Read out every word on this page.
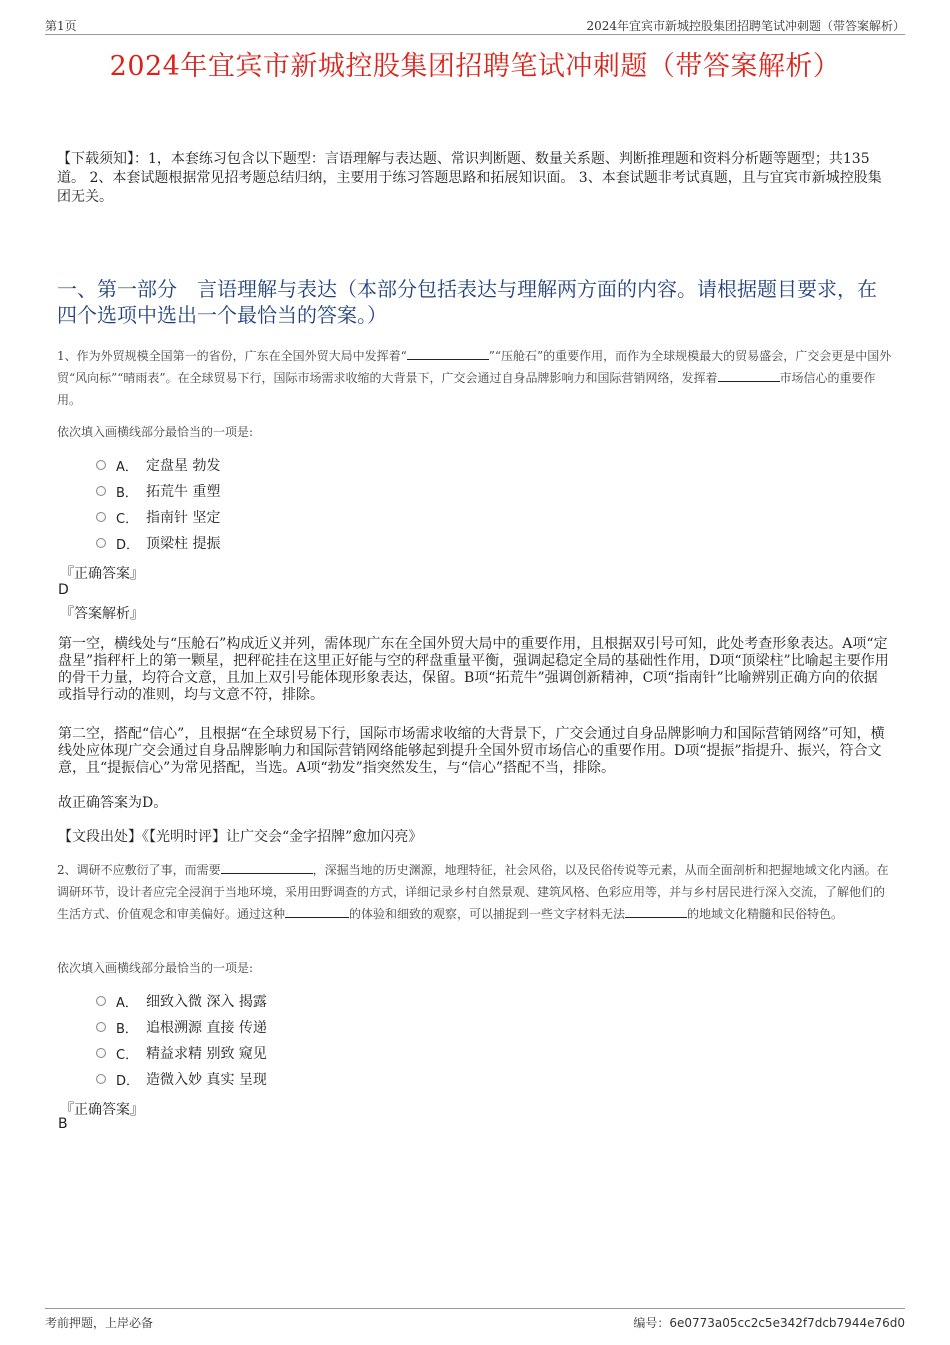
第1页	2024年宜宾市新城控股集团招聘笔试冲刺题（带答案解析）
2024年宜宾市新城控股集团招聘笔试冲刺题（带答案解析）
【下载须知】：1，本套练习包含以下题型：言语理解与表达题、常识判断题、数量关系题、判断推理题和资料分析题等题型；共135道。 2、本套试题根据常见招考题总结归纳，主要用于练习答题思路和拓展知识面。 3、本套试题非考试真题，且与宜宾市新城控股集团无关。
一、第一部分　言语理解与表达（本部分包括表达与理解两方面的内容。请根据题目要求，在四个选项中选出一个最恰当的答案。）
1、作为外贸规模全国第一的省份，广东在全国外贸大局中发挥着“	”“压舱石”的重要作用，而作为全球规模最大的贸易盛会，广交会更是中国外贸“风向标”“晴雨表”。在全球贸易下行，国际市场需求收缩的大背景下，广交会通过自身品牌影响力和国际营销网络，发挥着	市场信心的重要作用。
依次填入画横线部分最恰当的一项是:
A． 定盘星 勃发
B． 拓荒牛 重塑
C． 指南针 坚定
D． 顶梁柱 提振
『正确答案』
D
『答案解析』
第一空，横线处与“压舱石”构成近义并列，需体现广东在全国外贸大局中的重要作用，且根据双引号可知，此处考查形象表达。A项“定盘星”指秤杆上的第一颗星，把秤砣挂在这里正好能与空的秤盘重量平衡，强调起稳定全局的基础性作用，D项“顶梁柱”比喻起主要作用的骨干力量，均符合文意，且加上双引号能体现形象表达，保留。B项“拓荒牛”强调创新精神，C项“指南针”比喻辨别正确方向的依据或指导行动的准则，均与文意不符，排除。
第二空，搭配“信心”，且根据“在全球贸易下行，国际市场需求收缩的大背景下，广交会通过自身品牌影响力和国际营销网络”可知，横线处应体现广交会通过自身品牌影响力和国际营销网络能够起到提升全国外贸市场信心的重要作用。D项“提振”指提升、振兴，符合文意，且“提振信心”为常见搭配，当选。A项“勃发”指突然发生，与“信心”搭配不当，排除。
故正确答案为D。
【文段出处】《【光明时评】让广交会“金字招牌”愈加闪亮》
2、调研不应敷衍了事，而需要	，深掘当地的历史渊源，地理特征，社会风俗，以及民俗传说等元素，从而全面剖析和把握地域文化内涵。在调研环节，设计者应完全浸润于当地环境，采用田野调查的方式，详细记录乡村自然景观、建筑风格、色彩应用等，并与乡村居民进行深入交流，了解他们的生活方式、价值观念和审美偏好。通过这种	的体验和细致的观察，可以捕捉到一些文字材料无法	的地域文化精髓和民俗特色。
依次填入画横线部分最恰当的一项是:
A． 细致入微 深入 揭露
B． 追根溯源 直接 传递
C． 精益求精 别致 窥见
D． 造微入妙 真实 呈现
『正确答案』
B
考前押题，上岸必备	编号：6e0773a05cc2c5e342f7dcb7944e76d0
